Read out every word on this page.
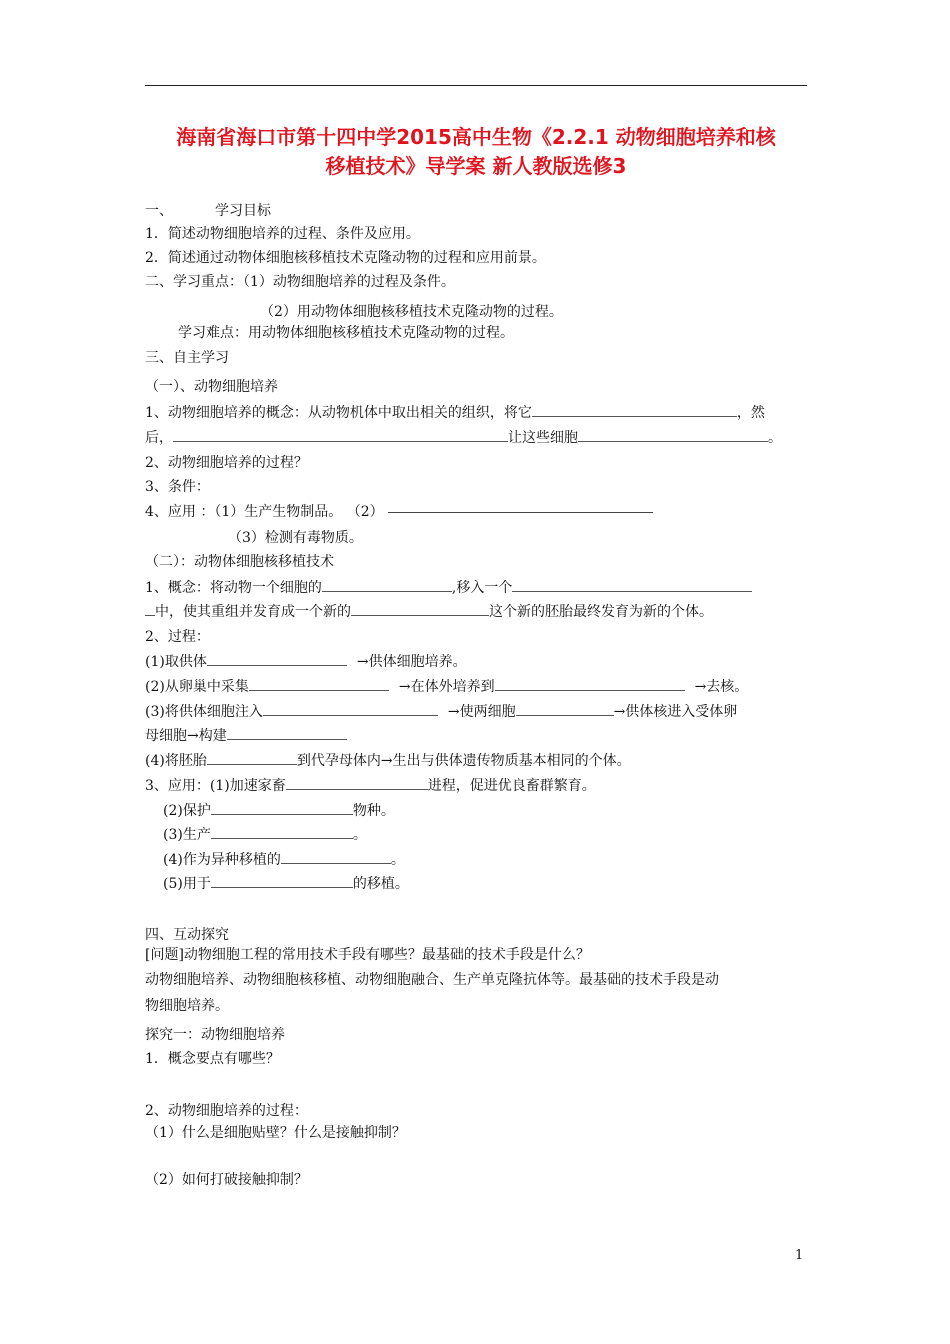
海南省海口市第十四中学2015高中生物《2.2.1 动物细胞培养和核
移植技术》导学案 新人教版选修3
一、	学习目标
1．简述动物细胞培养的过程、条件及应用。
2．简述通过动物体细胞核移植技术克隆动物的过程和应用前景。
二、学习重点：（1）动物细胞培养的过程及条件。
（2）用动物体细胞核移植技术克隆动物的过程。
学习难点：用动物体细胞核移植技术克隆动物的过程。
三、自主学习
（一）、动物细胞培养
1、动物细胞培养的概念：从动物机体中取出相关的组织，将它	，然
后，	让这些细胞	。
2、动物细胞培养的过程？
3、条件：
4、应用 ：（1）生产生物制品。 （2）
（3）检测有毒物质。
（二）：动物体细胞核移植技术
1、概念：将动物一个细胞的	,移入一个
中，使其重组并发育成一个新的	这个新的胚胎最终发育为新的个体。
2、过程：
(1)取供体	→供体细胞培养。
(2)从卵巢中采集	→在体外培养到	→去核。
(3)将供体细胞注入	→使两细胞	→供体核进入受体卵
母细胞→构建
(4)将胚胎	到代孕母体内→生出与供体遗传物质基本相同的个体。
3、应用：(1)加速家畜	进程，促进优良畜群繁育。
(2)保护	物种。
(3)生产	。
(4)作为异种移植的	。
(5)用于	的移植。
四、互动探究
[问题]动物细胞工程的常用技术手段有哪些？最基础的技术手段是什么？
动物细胞培养、动物细胞核移植、动物细胞融合、生产单克隆抗体等。最基础的技术手段是动
物细胞培养。
探究一：动物细胞培养
1．概念要点有哪些？
2、动物细胞培养的过程：
（1）什么是细胞贴壁？什么是接触抑制？
（2）如何打破接触抑制？
1
